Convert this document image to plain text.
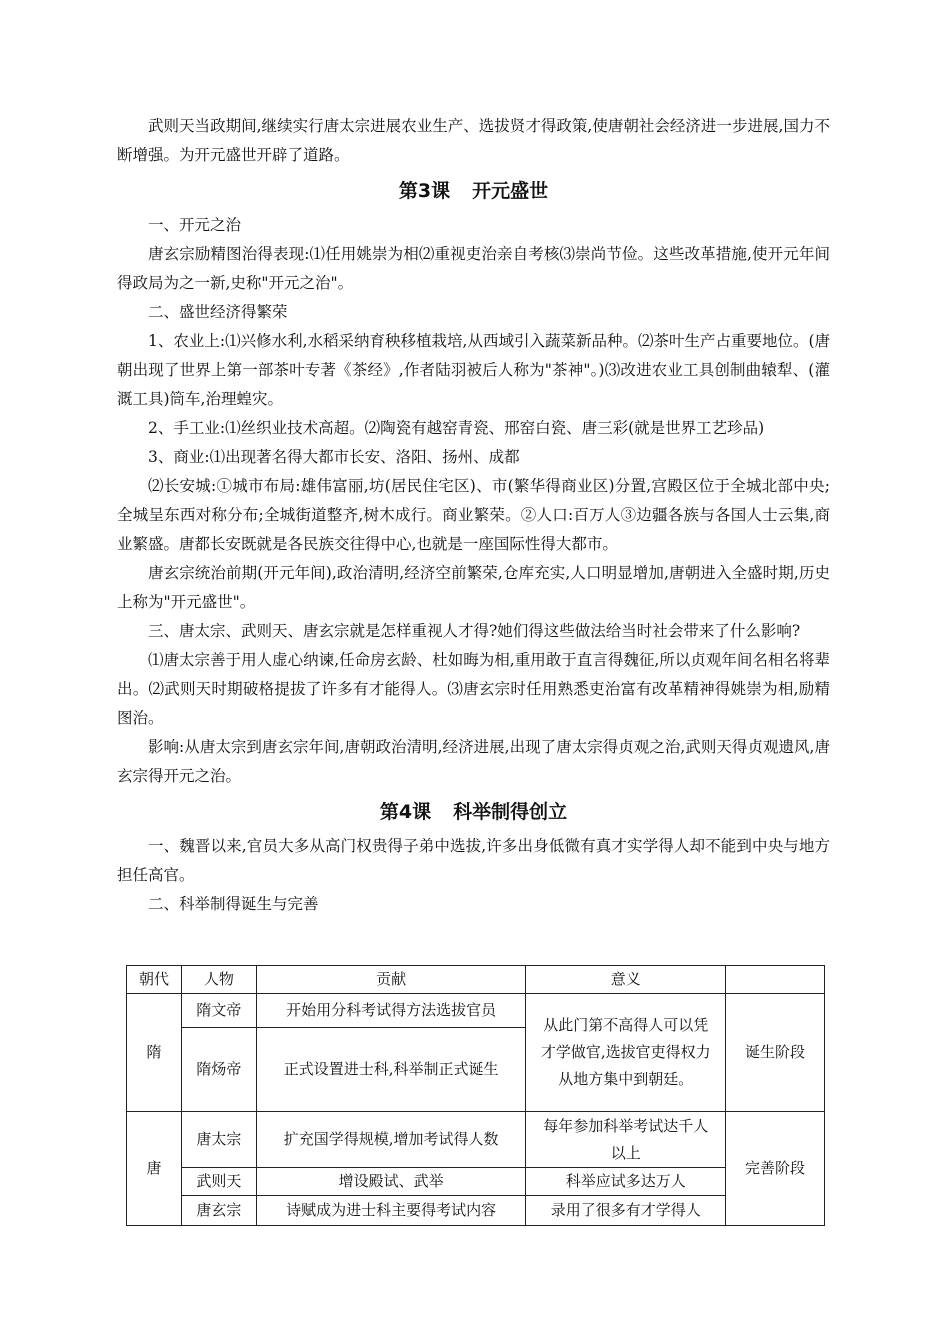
武则天当政期间,继续实行唐太宗进展农业生产、选拔贤才得政策,使唐朝社会经济进一步进展,国力不断增强。为开元盛世开辟了道路。

第3课 开元盛世

一、开元之治

唐玄宗励精图治得表现:⑴任用姚崇为相⑵重视吏治亲自考核⑶崇尚节俭。这些改革措施,使开元年间得政局为之一新,史称"开元之治"。

二、盛世经济得繁荣

1、农业上:⑴兴修水利,水稻采纳育秧移植栽培,从西域引入蔬菜新品种。⑵茶叶生产占重要地位。(唐朝出现了世界上第一部茶叶专著《茶经》,作者陆羽被后人称为"茶神"。)⑶改进农业工具创制曲辕犁、(灌溉工具)筒车,治理蝗灾。

2、手工业:⑴丝织业技术高超。⑵陶瓷有越窑青瓷、邢窑白瓷、唐三彩(就是世界工艺珍品)

3、商业:⑴出现著名得大都市长安、洛阳、扬州、成都

⑵长安城:①城市布局:雄伟富丽,坊(居民住宅区)、市(繁华得商业区)分置,宫殿区位于全城北部中央;全城呈东西对称分布;全城街道整齐,树木成行。商业繁荣。②人口:百万人③边疆各族与各国人士云集,商业繁盛。唐都长安既就是各民族交往得中心,也就是一座国际性得大都市。

唐玄宗统治前期(开元年间),政治清明,经济空前繁荣,仓库充实,人口明显增加,唐朝进入全盛时期,历史上称为"开元盛世"。

三、唐太宗、武则天、唐玄宗就是怎样重视人才得?她们得这些做法给当时社会带来了什么影响?

⑴唐太宗善于用人虚心纳谏,任命房玄龄、杜如晦为相,重用敢于直言得魏征,所以贞观年间名相名将辈出。⑵武则天时期破格提拔了许多有才能得人。⑶唐玄宗时任用熟悉吏治富有改革精神得姚崇为相,励精图治。

影响:从唐太宗到唐玄宗年间,唐朝政治清明,经济进展,出现了唐太宗得贞观之治,武则天得贞观遗风,唐玄宗得开元之治。

第4课 科举制得创立

一、魏晋以来,官员大多从高门权贵得子弟中选拔,许多出身低微有真才实学得人却不能到中央与地方担任高官。

二、科举制得诞生与完善

朝代	人物	贡献	意义	
隋	隋文帝	开始用分科考试得方法选拔官员	从此门第不高得人可以凭才学做官,选拔官吏得权力从地方集中到朝廷。	诞生阶段
	隋炀帝	正式设置进士科,科举制正式诞生		
唐	唐太宗	扩充国学得规模,增加考试得人数	每年参加科举考试达千人以上	完善阶段
	武则天	增设殿试、武举	科举应试多达万人	
	唐玄宗	诗赋成为进士科主要得考试内容	录用了很多有才学得人	
